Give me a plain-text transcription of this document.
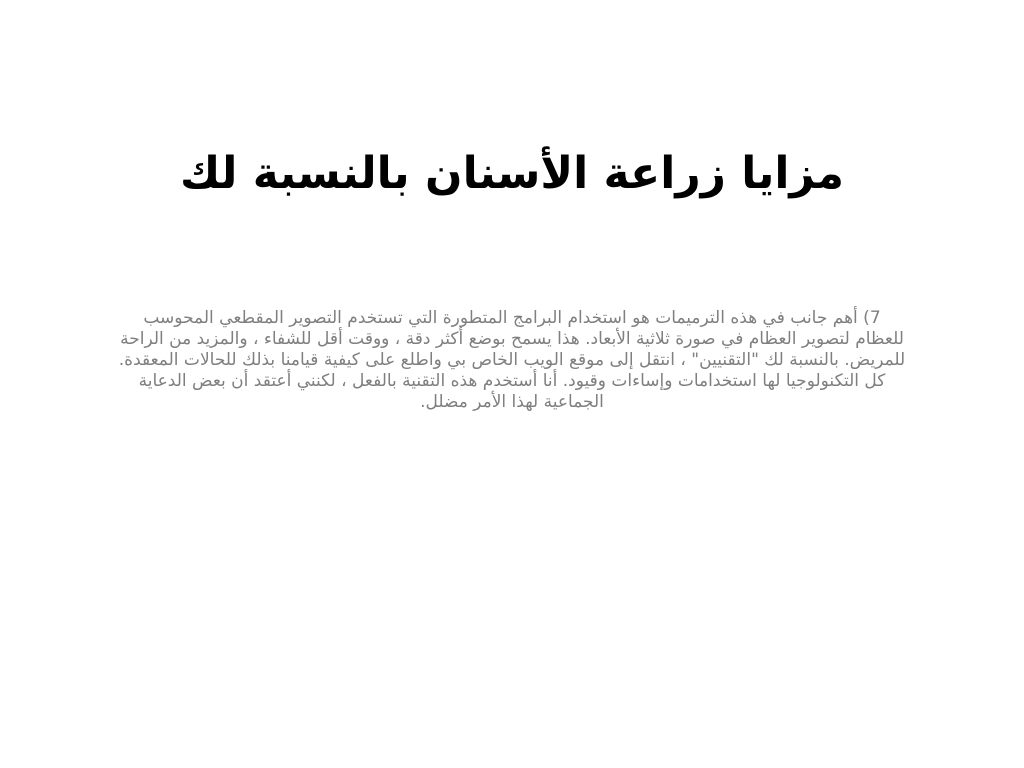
مزايا زراعة الأسنان بالنسبة لك

7) أهم جانب في هذه الترميمات هو استخدام البرامج المتطورة التي تستخدم التصوير المقطعي المحوسب للعظام لتصوير العظام في صورة ثلاثية الأبعاد. هذا يسمح بوضع أكثر دقة ، ووقت أقل للشفاء ، والمزيد من الراحة للمريض. بالنسبة لك "التقنيين" ، انتقل إلى موقع الويب الخاص بي واطلع على كيفية قيامنا بذلك للحالات المعقدة. كل التكنولوجيا لها استخدامات وإساءات وقيود. أنا أستخدم هذه التقنية بالفعل ، لكنني أعتقد أن بعض الدعاية الجماعية لهذا الأمر مضلل.
